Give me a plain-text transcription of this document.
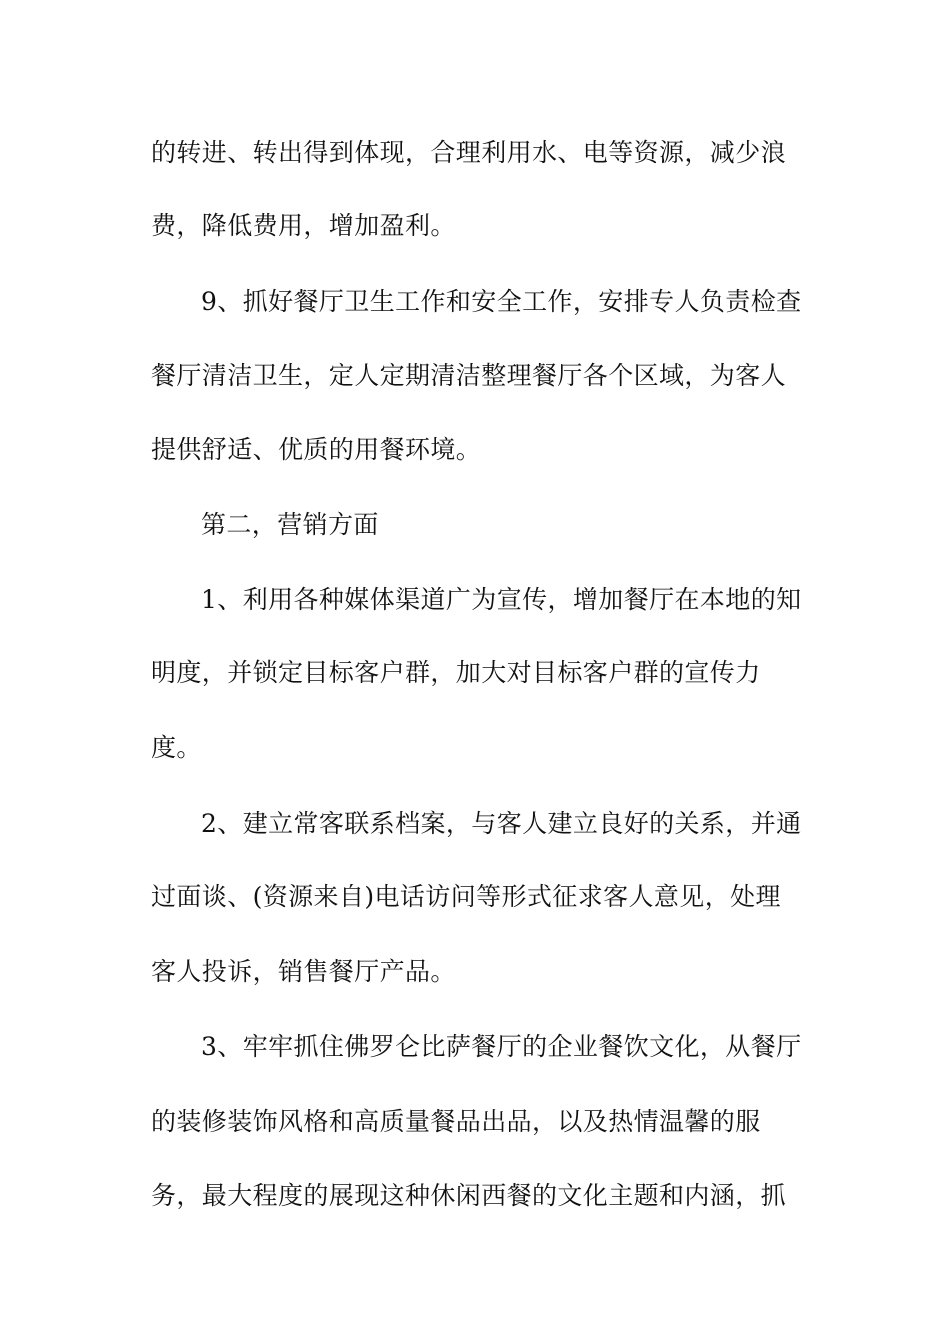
的转进、转出得到体现，合理利用水、电等资源，减少浪
费，降低费用，增加盈利。
9、抓好餐厅卫生工作和安全工作，安排专人负责检查
餐厅清洁卫生，定人定期清洁整理餐厅各个区域，为客人
提供舒适、优质的用餐环境。
第二，营销方面
1、利用各种媒体渠道广为宣传，增加餐厅在本地的知
明度，并锁定目标客户群，加大对目标客户群的宣传力
度。
2、建立常客联系档案，与客人建立良好的关系，并通
过面谈、(资源来自)电话访问等形式征求客人意见，处理
客人投诉，销售餐厅产品。
3、牢牢抓住佛罗仑比萨餐厅的企业餐饮文化，从餐厅
的装修装饰风格和高质量餐品出品，以及热情温馨的服
务，最大程度的展现这种休闲西餐的文化主题和内涵，抓
